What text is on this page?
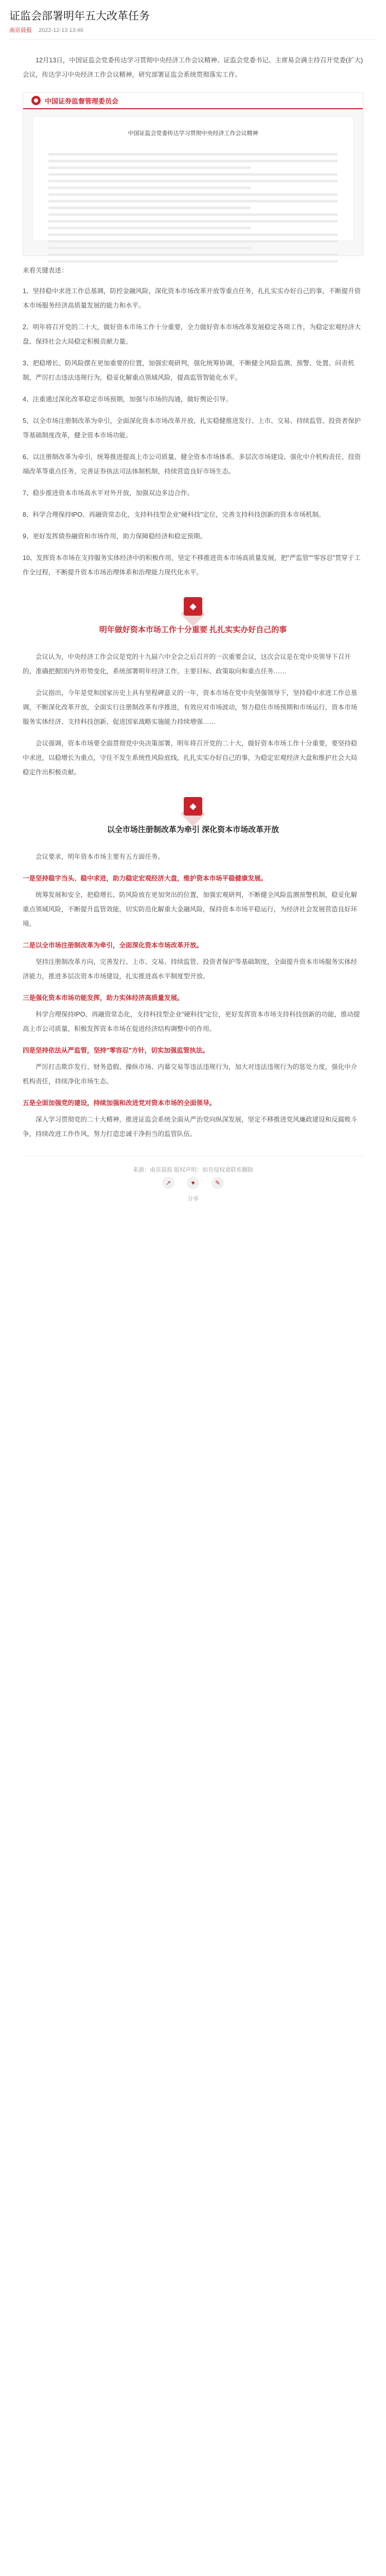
证监会部署明年五大改革任务
南京晨报 2022-12-13 13:46

12月13日，中国证监会党委传达学习贯彻中央经济工作会议精神。证监会党委书记、主席易会满主持召开党委(扩大)会议，传达学习中央经济工作会议精神，研究部署证监会系统贯彻落实工作。

中国证券监督管理委员会
中国证监会党委传达学习贯彻中央经济工作会议精神
来看关键表述：
1、坚持稳中求进工作总基调，防控金融风险，深化资本市场改革开放等重点任务，扎扎实实办好自己的事，不断提升资本市场服务经济高质量发展的能力和水平。
2、明年将召开党的二十大，做好资本市场工作十分重要，全力做好资本市场改革发展稳定各项工作，为稳定宏观经济大盘、保持社会大局稳定积极贡献力量。
3、把稳增长、防风险摆在更加重要的位置，加强宏观研判，强化统筹协调，不断健全风险监测、预警、处置、问责机制，严厉打击违法违规行为，稳妥化解重点领域风险，提高监管智能化水平。
4、注重通过深化改革稳定市场预期，加强与市场的沟通，做好舆论引导。
5、以全市场注册制改革为牵引，全面深化资本市场改革开放，扎实稳健推进发行、上市、交易、持续监管、投资者保护等基础制度改革，健全资本市场功能。
6、以注册制改革为牵引，统筹推进提高上市公司质量、健全资本市场体系、多层次市场建设、强化中介机构责任、投资端改革等重点任务，完善证券执法司法体制机制，持续营造良好市场生态。
7、稳步推进资本市场高水平对外开放，加强双边多边合作。
8、科学合理保持IPO、再融资常态化，支持科技型企业"硬科技"定位，完善支持科技创新的资本市场机制。
9、更好发挥债券融资和市场作用，助力保障稳经济和稳定预期。
10、发挥资本市场在支持服务实体经济中的积极作用，坚定不移推进资本市场高质量发展，把"严监管""零容忍"贯穿于工作全过程，不断提升资本市场治理体系和治理能力现代化水平。
◆
明年做好资本市场工作十分重要 扎扎实实办好自己的事

会议认为，中央经济工作会议是党的十九届六中全会之后召开的一次重要会议，这次会议是在党中央领导下召开的，准确把握国内外形势变化，系统部署明年经济工作，主要目标、政策取向和重点任务……

会议指出，今年是党和国家历史上具有里程碑意义的一年，资本市场在党中央坚强领导下，坚持稳中求进工作总基调，不断深化改革开放，全面实行注册制改革有序推进，有效应对市场波动，努力稳住市场预期和市场运行，资本市场服务实体经济、支持科技创新、促进国家战略实施能力持续增强……

会议强调，资本市场要全面贯彻党中央决策部署，明年将召开党的二十大，做好资本市场工作十分重要，要坚持稳中求进，以稳增长为重点，守住不发生系统性风险底线，扎扎实实办好自己的事，为稳定宏观经济大盘和维护社会大局稳定作出积极贡献。

◆
以全市场注册制改革为牵引 深化资本市场改革开放

会议要求，明年资本市场主要有五方面任务。

一是坚持稳字当头、稳中求进，助力稳定宏观经济大盘，维护资本市场平稳健康发展。

统筹发展和安全，把稳增长、防风险放在更加突出的位置，加强宏观研判，不断健全风险监测预警机制，稳妥化解重点领域风险，不断提升监管效能，切实防范化解重大金融风险，保持资本市场平稳运行，为经济社会发展营造良好环境。

二是以全市场注册制改革为牵引，全面深化资本市场改革开放。

坚持注册制改革方向，完善发行、上市、交易、持续监管、投资者保护等基础制度，全面提升资本市场服务实体经济能力，推进多层次资本市场建设，扎实推进高水平制度型开放。

三是强化资本市场功能发挥，助力实体经济高质量发展。

科学合理保持IPO、再融资常态化，支持科技型企业"硬科技"定位，更好发挥资本市场支持科技创新的功能，推动提高上市公司质量，积极发挥资本市场在促进经济结构调整中的作用。

四是坚持依法从严监管，坚持"零容忍"方针，切实加强监管执法。

严厉打击欺诈发行、财务造假、操纵市场、内幕交易等违法违规行为，加大对违法违规行为的惩处力度，强化中介机构责任，持续净化市场生态。

五是全面加强党的建设，持续加强和改进党对资本市场的全面领导。

深入学习贯彻党的二十大精神，推进证监会系统全面从严治党向纵深发展，坚定不移推进党风廉政建设和反腐败斗争，持续改进工作作风，努力打造忠诚干净担当的监管队伍。

来源：南京晨报 版权声明：如有侵权请联系删除
↗	♥	✎
分享
